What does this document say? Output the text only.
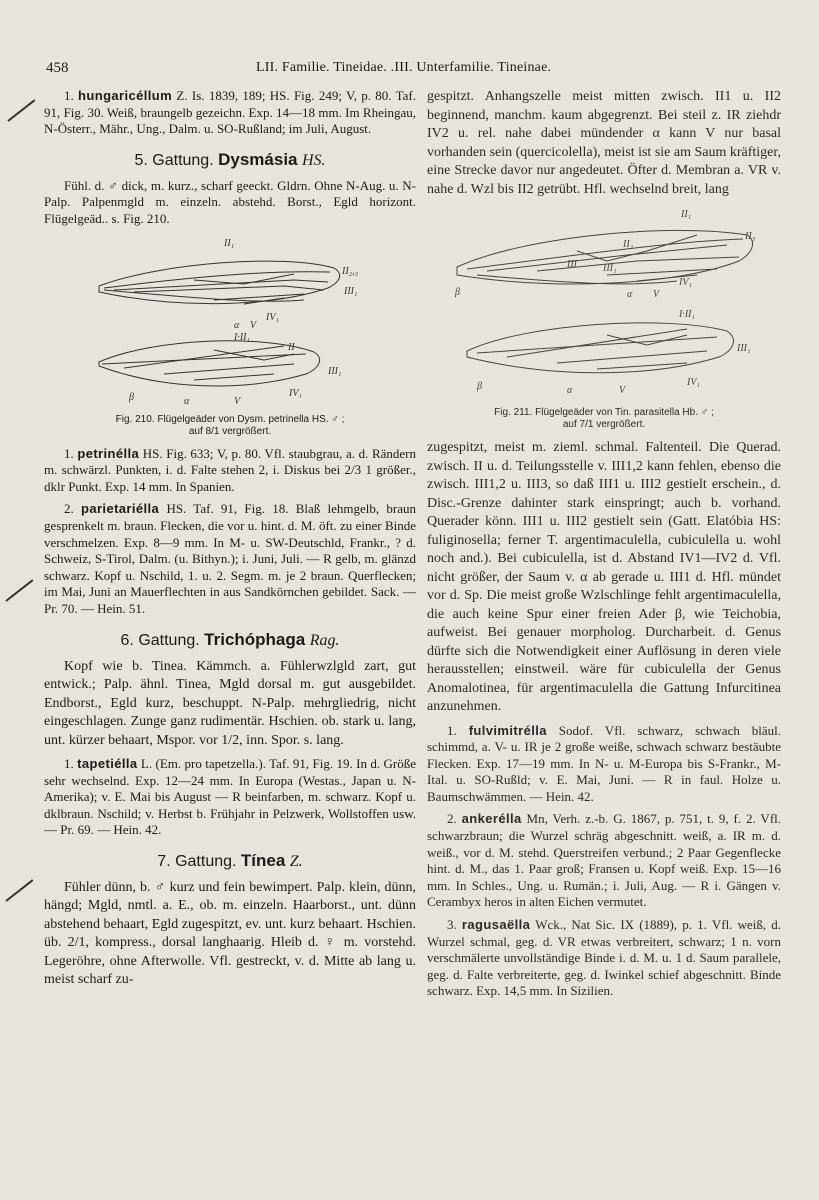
458	LII. Familie. Tineidae. .III. Unterfamilie. Tineinae.

1. hungaricéllum Z. Is. 1839, 189; HS. Fig. 249; V, p. 80. Taf. 91, Fig. 30. Weiß, braungelb gezeichn. Exp. 14—18 mm. Im Rheingau, N-Österr., Mähr., Ung., Dalm. u. SO-Rußland; im Juli, August.

5. Gattung. Dysmásia HS.

Fühl. d. ♂ dick, m. kurz., scharf geeckt. Gldrn. Ohne N-Aug. u. N-Palp. Palpenmgld m. einzeln. abstehd. Borst., Egld horizont. Flügelgeäd.. s. Fig. 210.

II₁
II₂,₃
III₁
IV₁
α V
I·II₁
II
III₁
IV₁
β	α	V
Fig. 210. Flügelgeäder von Dysm. petrinella HS. ♂ ;
auf 8/1 vergrößert.

1. petrinélla HS. Fig. 633; V, p. 80. Vfl. staubgrau, a. d. Rändern m. schwärzl. Punkten, i. d. Falte stehen 2, i. Diskus bei 2/3 1 größer., dklr Punkt. Exp. 14 mm. In Spanien.

2. parietariélla HS. Taf. 91, Fig. 18. Blaß lehmgelb, braun gesprenkelt m. braun. Flecken, die vor u. hint. d. M. öft. zu einer Binde verschmelzen. Exp. 8—9 mm. In M- u. SW-Deutschld, Frankr., ? d. Schweiz, S-Tirol, Dalm. (u. Bithyn.); i. Juni, Juli. — R gelb, m. glänzd schwarz. Kopf u. Nschild, 1. u. 2. Segm. m. je 2 braun. Querflecken; im Mai, Juni an Mauerflechten in aus Sandkörnchen gebildet. Sack. — Pr. 70. — Hein. 51.

6. Gattung. Trichóphaga Rag.

Kopf wie b. Tinea. Kämmch. a. Fühlerwzlgld zart, gut entwick.; Palp. ähnl. Tinea, Mgld dorsal m. gut ausgebildet. Endborst., Egld kurz, beschuppt. N-Palp. mehrgliedrig, nicht eingeschlagen. Zunge ganz rudimentär. Hschien. ob. stark u. lang, unt. kürzer behaart, Mspor. vor 1/2, inn. Spor. s. lang.

1. tapetiélla L. (Em. pro tapetzella.). Taf. 91, Fig. 19. In d. Größe sehr wechselnd. Exp. 12—24 mm. In Europa (Westas., Japan u. N-Amerika); v. E. Mai bis August — R beinfarben, m. schwarz. Kopf u. dklbraun. Nschild; v. Herbst b. Frühjahr in Pelzwerk, Wollstoffen usw. — Pr. 69. — Hein. 42.

7. Gattung. Tínea Z.

Fühler dünn, b. ♂ kurz und fein bewimpert. Palp. klein, dünn, hängd; Mgld, nmtl. a. E., ob. m. einzeln. Haarborst., unt. dünn abstehend behaart, Egld zugespitzt, ev. unt. kurz behaart. Hschien. üb. 2/1, kompress., dorsal langhaarig. Hleib d. ♀ m. vorstehd. Legeröhre, ohne Afterwolle. Vfl. gestreckt, v. d. Mitte ab lang u. meist scharf zu-

gespitzt. Anhangszelle meist mitten zwisch. II1 u. II2 beginnend, manchm. kaum abgegrenzt. Bei steil z. IR ziehdr IV2 u. rel. nahe dabei mündender α kann V nur basal vorhanden sein (quercicolella), meist ist sie am Saum kräftiger, eine Strecke davor nur angedeutet. Öfter d. Membran a. VR v. nahe d. Wzl bis II2 getrübt. Hfl. wechselnd breit, lang

II₁
II₃
II₂
III₁
III
IV₁
α V
β
I·II₁
III₁
IV₁
β	α	V
Fig. 211. Flügelgeäder von Tin. parasitella Hb. ♂ ;
auf 7/1 vergrößert.

zugespitzt, meist m. zieml. schmal. Faltenteil. Die Querad. zwisch. II u. d. Teilungsstelle v. III1,2 kann fehlen, ebenso die zwisch. III1,2 u. III3, so daß III1 u. III2 gestielt erschein., d. Disc.-Grenze dahinter stark einspringt; auch b. vorhand. Querader könn. III1 u. III2 gestielt sein (Gatt. Elatóbia HS: fuliginosella; ferner T. argentimaculella, cubiculella u. wohl noch and.). Bei cubiculella, ist d. Abstand IV1—IV2 d. Vfl. nicht größer, der Saum v. α ab gerade u. III1 d. Hfl. mündet vor d. Sp. Die meist große Wzlschlinge fehlt argentimaculella, die auch keine Spur einer freien Ader β, wie Teichobia, aufweist. Bei genauer morpholog. Durcharbeit. d. Genus dürfte sich die Notwendigkeit einer Auflösung in deren viele herausstellen; einstweil. wäre für cubiculella der Genus Anomalotinea, für argentimaculella die Gattung Infurcitinea anzunehmen.

1. fulvimitrélla Sodof. Vfl. schwarz, schwach bläul. schimmd, a. V- u. IR je 2 große weiße, schwach schwarz bestäubte Flecken. Exp. 17—19 mm. In N- u. M-Europa bis S-Frankr., M-Ital. u. SO-Rußld; v. E. Mai, Juni. — R in faul. Holze u. Baumschwämmen. — Hein. 42.

2. ankeréllа Mn, Verh. z.-b. G. 1867, p. 751, t. 9, f. 2. Vfl. schwarzbraun; die Wurzel schräg abgeschnitt. weiß, a. IR m. d. weiß., vor d. M. stehd. Querstreifen verbund.; 2 Paar Gegenflecke hint. d. M., das 1. Paar groß; Fransen u. Kopf weiß. Exp. 15—16 mm. In Schles., Ung. u. Rumän.; i. Juli, Aug. — R i. Gängen v. Cerambyx heros in alten Eichen vermutet.

3. ragusaëlla Wck., Nat Sic. IX (1889), p. 1. Vfl. weiß, d. Wurzel schmal, geg. d. VR etwas verbreitert, schwarz; 1 n. vorn verschmälerte unvollständige Binde i. d. M. u. 1 d. Saum parallele, geg. d. Falte verbreiterte, geg. d. Iwinkel schief abgeschnitt. Binde schwarz. Exp. 14,5 mm. In Sizilien.
